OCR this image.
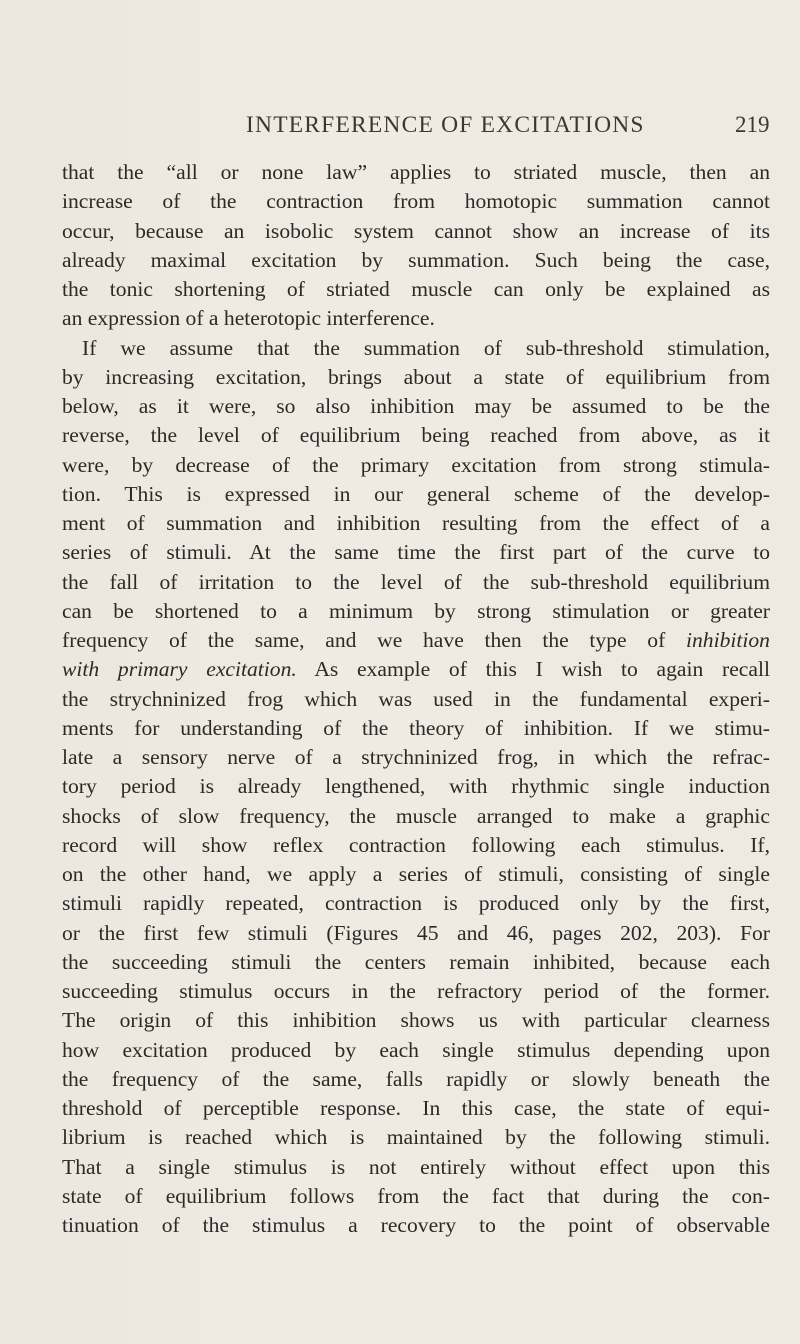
INTERFERENCE OF EXCITATIONS	219
that the “all or none law” applies to striated muscle, then an
increase of the contraction from homotopic summation cannot
occur, because an isobolic system cannot show an increase of its
already maximal excitation by summation. Such being the case,
the tonic shortening of striated muscle can only be explained as
an expression of a heterotopic interference.
If we assume that the summation of sub-threshold stimulation,
by increasing excitation, brings about a state of equilibrium from
below, as it were, so also inhibition may be assumed to be the
reverse, the level of equilibrium being reached from above, as it
were, by decrease of the primary excitation from strong stimula-
tion. This is expressed in our general scheme of the develop-
ment of summation and inhibition resulting from the effect of a
series of stimuli. At the same time the first part of the curve to
the fall of irritation to the level of the sub-threshold equilibrium
can be shortened to a minimum by strong stimulation or greater
frequency of the same, and we have then the type of inhibition
with primary excitation. As example of this I wish to again recall
the strychninized frog which was used in the fundamental experi-
ments for understanding of the theory of inhibition. If we stimu-
late a sensory nerve of a strychninized frog, in which the refrac-
tory period is already lengthened, with rhythmic single induction
shocks of slow frequency, the muscle arranged to make a graphic
record will show reflex contraction following each stimulus. If,
on the other hand, we apply a series of stimuli, consisting of single
stimuli rapidly repeated, contraction is produced only by the first,
or the first few stimuli (Figures 45 and 46, pages 202, 203). For
the succeeding stimuli the centers remain inhibited, because each
succeeding stimulus occurs in the refractory period of the former.
The origin of this inhibition shows us with particular clearness
how excitation produced by each single stimulus depending upon
the frequency of the same, falls rapidly or slowly beneath the
threshold of perceptible response. In this case, the state of equi-
librium is reached which is maintained by the following stimuli.
That a single stimulus is not entirely without effect upon this
state of equilibrium follows from the fact that during the con-
tinuation of the stimulus a recovery to the point of observable
